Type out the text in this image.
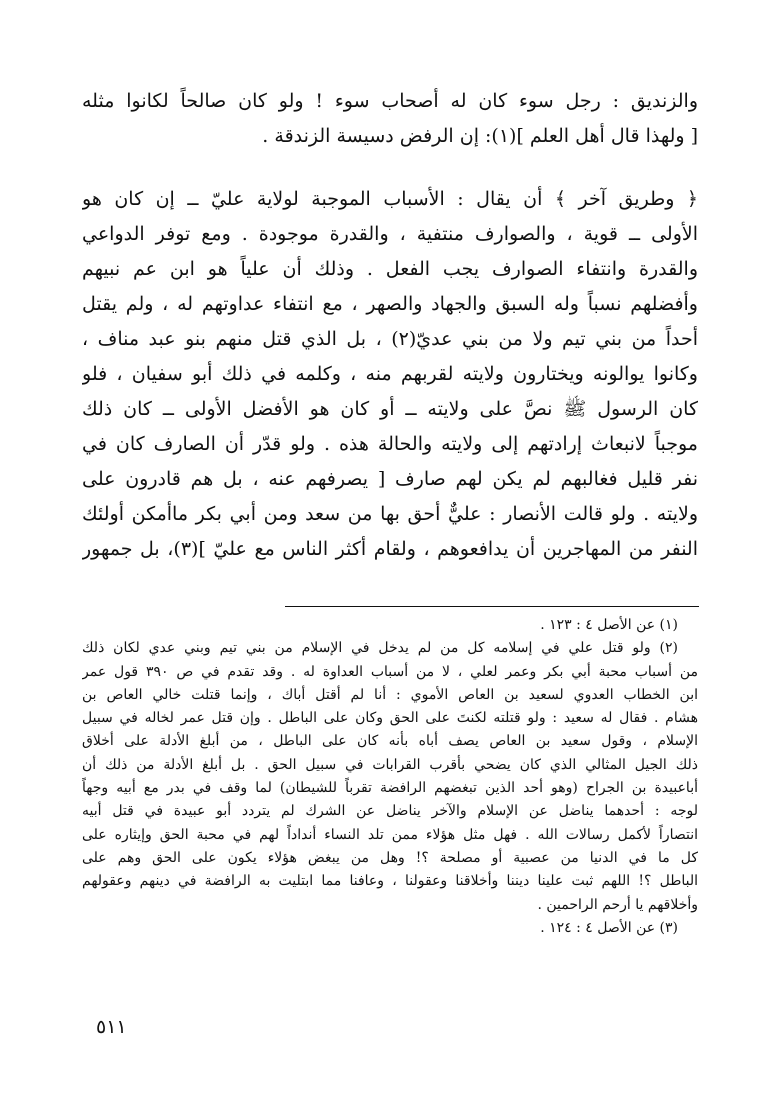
والزنديق : رجل سوء كان له أصحاب سوء ! ولو كان صالحاً لكانوا مثله
[ ولهذا قال أهل العلم ](١): إن الرفض دسيسة الزندقة .
﴿ وطريق آخر ﴾ أن يقال : الأسباب الموجبة لولاية عليّ ــ إن كان هو
الأولى ــ قوية ، والصوارف منتفية ، والقدرة موجودة . ومع توفر الدواعي
والقدرة وانتفاء الصوارف يجب الفعل . وذلك أن علياً هو ابن عم نبيهم
وأفضلهم نسباً وله السبق والجهاد والصهر ، مع انتفاء عداوتهم له ، ولم يقتل
أحداً من بني تيم ولا من بني عديّ(٢) ، بل الذي قتل منهم بنو عبد مناف ،
وكانوا يوالونه ويختارون ولايته لقربهم منه ، وكلمه في ذلك أبو سفيان ، فلو
كان الرسول ﷺ نصَّ على ولايته ــ أو كان هو الأفضل الأولى ــ كان ذلك
موجباً لانبعاث إرادتهم إلى ولايته والحالة هذه . ولو قدّر أن الصارف كان في
نفر قليل فغالبهم لم يكن لهم صارف [ يصرفهم عنه ، بل هم قادرون على
ولايته . ولو قالت الأنصار : عليٌّ أحق بها من سعد ومن أبي بكر ماأمكن أولئك
النفر من المهاجرين أن يدافعوهم ، ولقام أكثر الناس مع عليّ ](٣)، بل جمهور
(١) عن الأصل ٤ : ١٢٣ .
(٢) ولو قتل علي في إسلامه كل من لم يدخل في الإسلام من بني تيم وبني عدي لكان ذلك
من أسباب محبة أبي بكر وعمر لعلي ، لا من أسباب العداوة له . وقد تقدم في ص ٣٩٠ قول عمر
ابن الخطاب العدوي لسعيد بن العاص الأموي : أنا لم أقتل أباك ، وإنما قتلت خالي العاص بن
هشام . فقال له سعيد : ولو قتلته لكنتَ على الحق وكان على الباطل . وإن قتل عمر لخاله في سبيل
الإسلام ، وقول سعيد بن العاص يصف أباه بأنه كان على الباطل ، من أبلغ الأدلة على أخلاق
ذلك الجيل المثالي الذي كان يضحي بأقرب القرابات في سبيل الحق . بل أبلغ الأدلة من ذلك أن
أباعبيدة بن الجراح (وهو أحد الذين تبغضهم الرافضة تقرباً للشيطان) لما وقف في بدر مع أبيه وجهاً
لوجه : أحدهما يناضل عن الإسلام والآخر يناضل عن الشرك لم يتردد أبو عبيدة في قتل أبيه
انتصاراً لأكمل رسالات الله . فهل مثل هؤلاء ممن تلد النساء أنداداً لهم في محبة الحق وإيثاره على
كل ما في الدنيا من عصبية أو مصلحة ؟! وهل من يبغض هؤلاء يكون على الحق وهم على
الباطل ؟! اللهم ثبت علينا ديننا وأخلاقنا وعقولنا ، وعافنا مما ابتليت به الرافضة في دينهم وعقولهم
وأخلاقهم يا أرحم الراحمين .
(٣) عن الأصل ٤ : ١٢٤ .
٥١١
